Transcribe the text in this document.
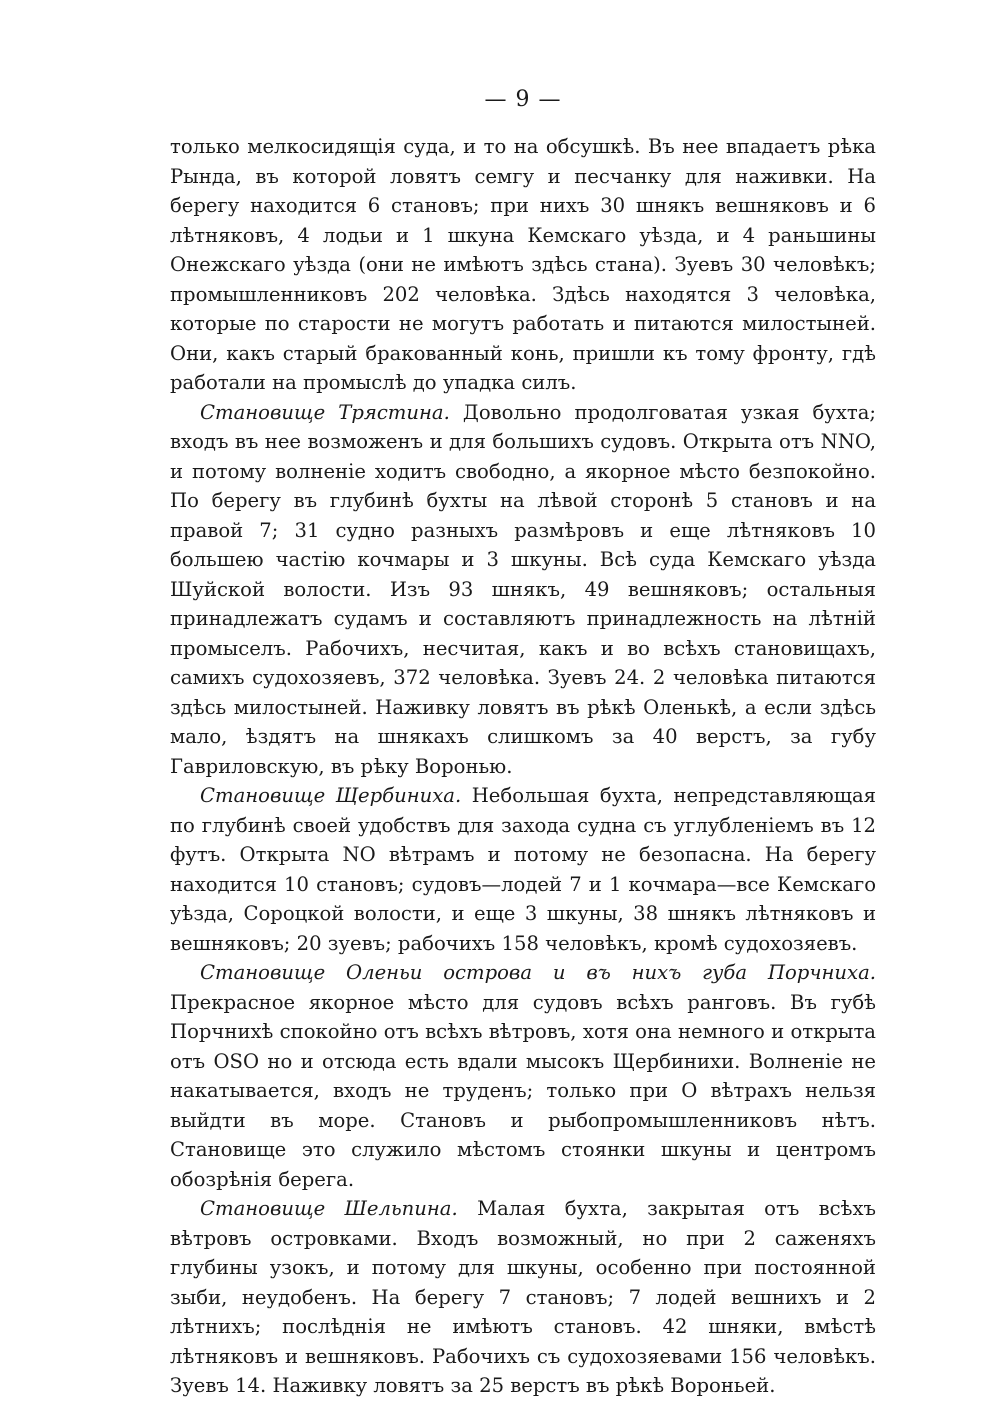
— 9 —

только мелкосидящія суда, и то на обсушкѣ. Въ нее впадаетъ рѣка Рында, въ которой ловятъ семгу и песчанку для наживки. На берегу находится 6 становъ; при нихъ 30 шнякъ вешняковъ и 6 лѣтняковъ, 4 лодьи и 1 шкуна Кемскаго уѣзда, и 4 раньшины Онежскаго уѣзда (они не имѣютъ здѣсь стана). Зуевъ 30 человѣкъ; промышленниковъ 202 человѣка. Здѣсь находятся 3 человѣка, которые по старости не могутъ работать и питаются милостыней. Они, какъ старый бракованный конь, пришли къ тому фронту, гдѣ работали на промыслѣ до упадка силъ.

Становище Трястина. Довольно продолговатая узкая бухта; входъ въ нее возможенъ и для большихъ судовъ. Открыта отъ NNO, и потому волненіе ходитъ свободно, а якорное мѣсто безпокойно. По берегу въ глубинѣ бухты на лѣвой сторонѣ 5 становъ и на правой 7; 31 судно разныхъ размѣровъ и еще лѣтняковъ 10 большею частію кочмары и 3 шкуны. Всѣ суда Кемскаго уѣзда Шуйской волости. Изъ 93 шнякъ, 49 вешняковъ; остальныя принадлежатъ судамъ и составляютъ принадлежность на лѣтній промыселъ. Рабочихъ, несчитая, какъ и во всѣхъ становищахъ, самихъ судохозяевъ, 372 человѣка. Зуевъ 24. 2 человѣка питаются здѣсь милостыней. Наживку ловятъ въ рѣкѣ Оленькѣ, а если здѣсь мало, ѣздятъ на шнякахъ слишкомъ за 40 верстъ, за губу Гавриловскую, въ рѣку Воронью.

Становище Щербиниха. Небольшая бухта, непредставляющая по глубинѣ своей удобствъ для захода судна съ углубленіемъ въ 12 футъ. Открыта NO вѣтрамъ и потому не безопасна. На берегу находится 10 становъ; судовъ—лодей 7 и 1 кочмара—все Кемскаго уѣзда, Сороцкой волости, и еще 3 шкуны, 38 шнякъ лѣтняковъ и вешняковъ; 20 зуевъ; рабочихъ 158 человѣкъ, кромѣ судохозяевъ.

Становище Оленьи острова и въ нихъ губа Порчниха. Прекрасное якорное мѣсто для судовъ всѣхъ ранговъ. Въ губѣ Порчнихѣ спокойно отъ всѣхъ вѣтровъ, хотя она немного и открыта отъ OSO но и отсюда есть вдали мысокъ Щербинихи. Волненіе не накатывается, входъ не труденъ; только при O вѣтрахъ нельзя выйдти въ море. Становъ и рыбопромышленниковъ нѣтъ. Становище это служило мѣстомъ стоянки шкуны и центромъ обозрѣнія берега.

Становище Шельпина. Малая бухта, закрытая отъ всѣхъ вѣтровъ островками. Входъ возможный, но при 2 саженяхъ глубины узокъ, и потому для шкуны, особенно при постоянной зыби, неудобенъ. На берегу 7 становъ; 7 лодей вешнихъ и 2 лѣтнихъ; послѣднія не имѣютъ становъ. 42 шняки, вмѣстѣ лѣтняковъ и вешняковъ. Рабочихъ съ судохозяевами 156 человѣкъ. Зуевъ 14. Наживку ловятъ за 25 верстъ въ рѣкѣ Вороньей.
